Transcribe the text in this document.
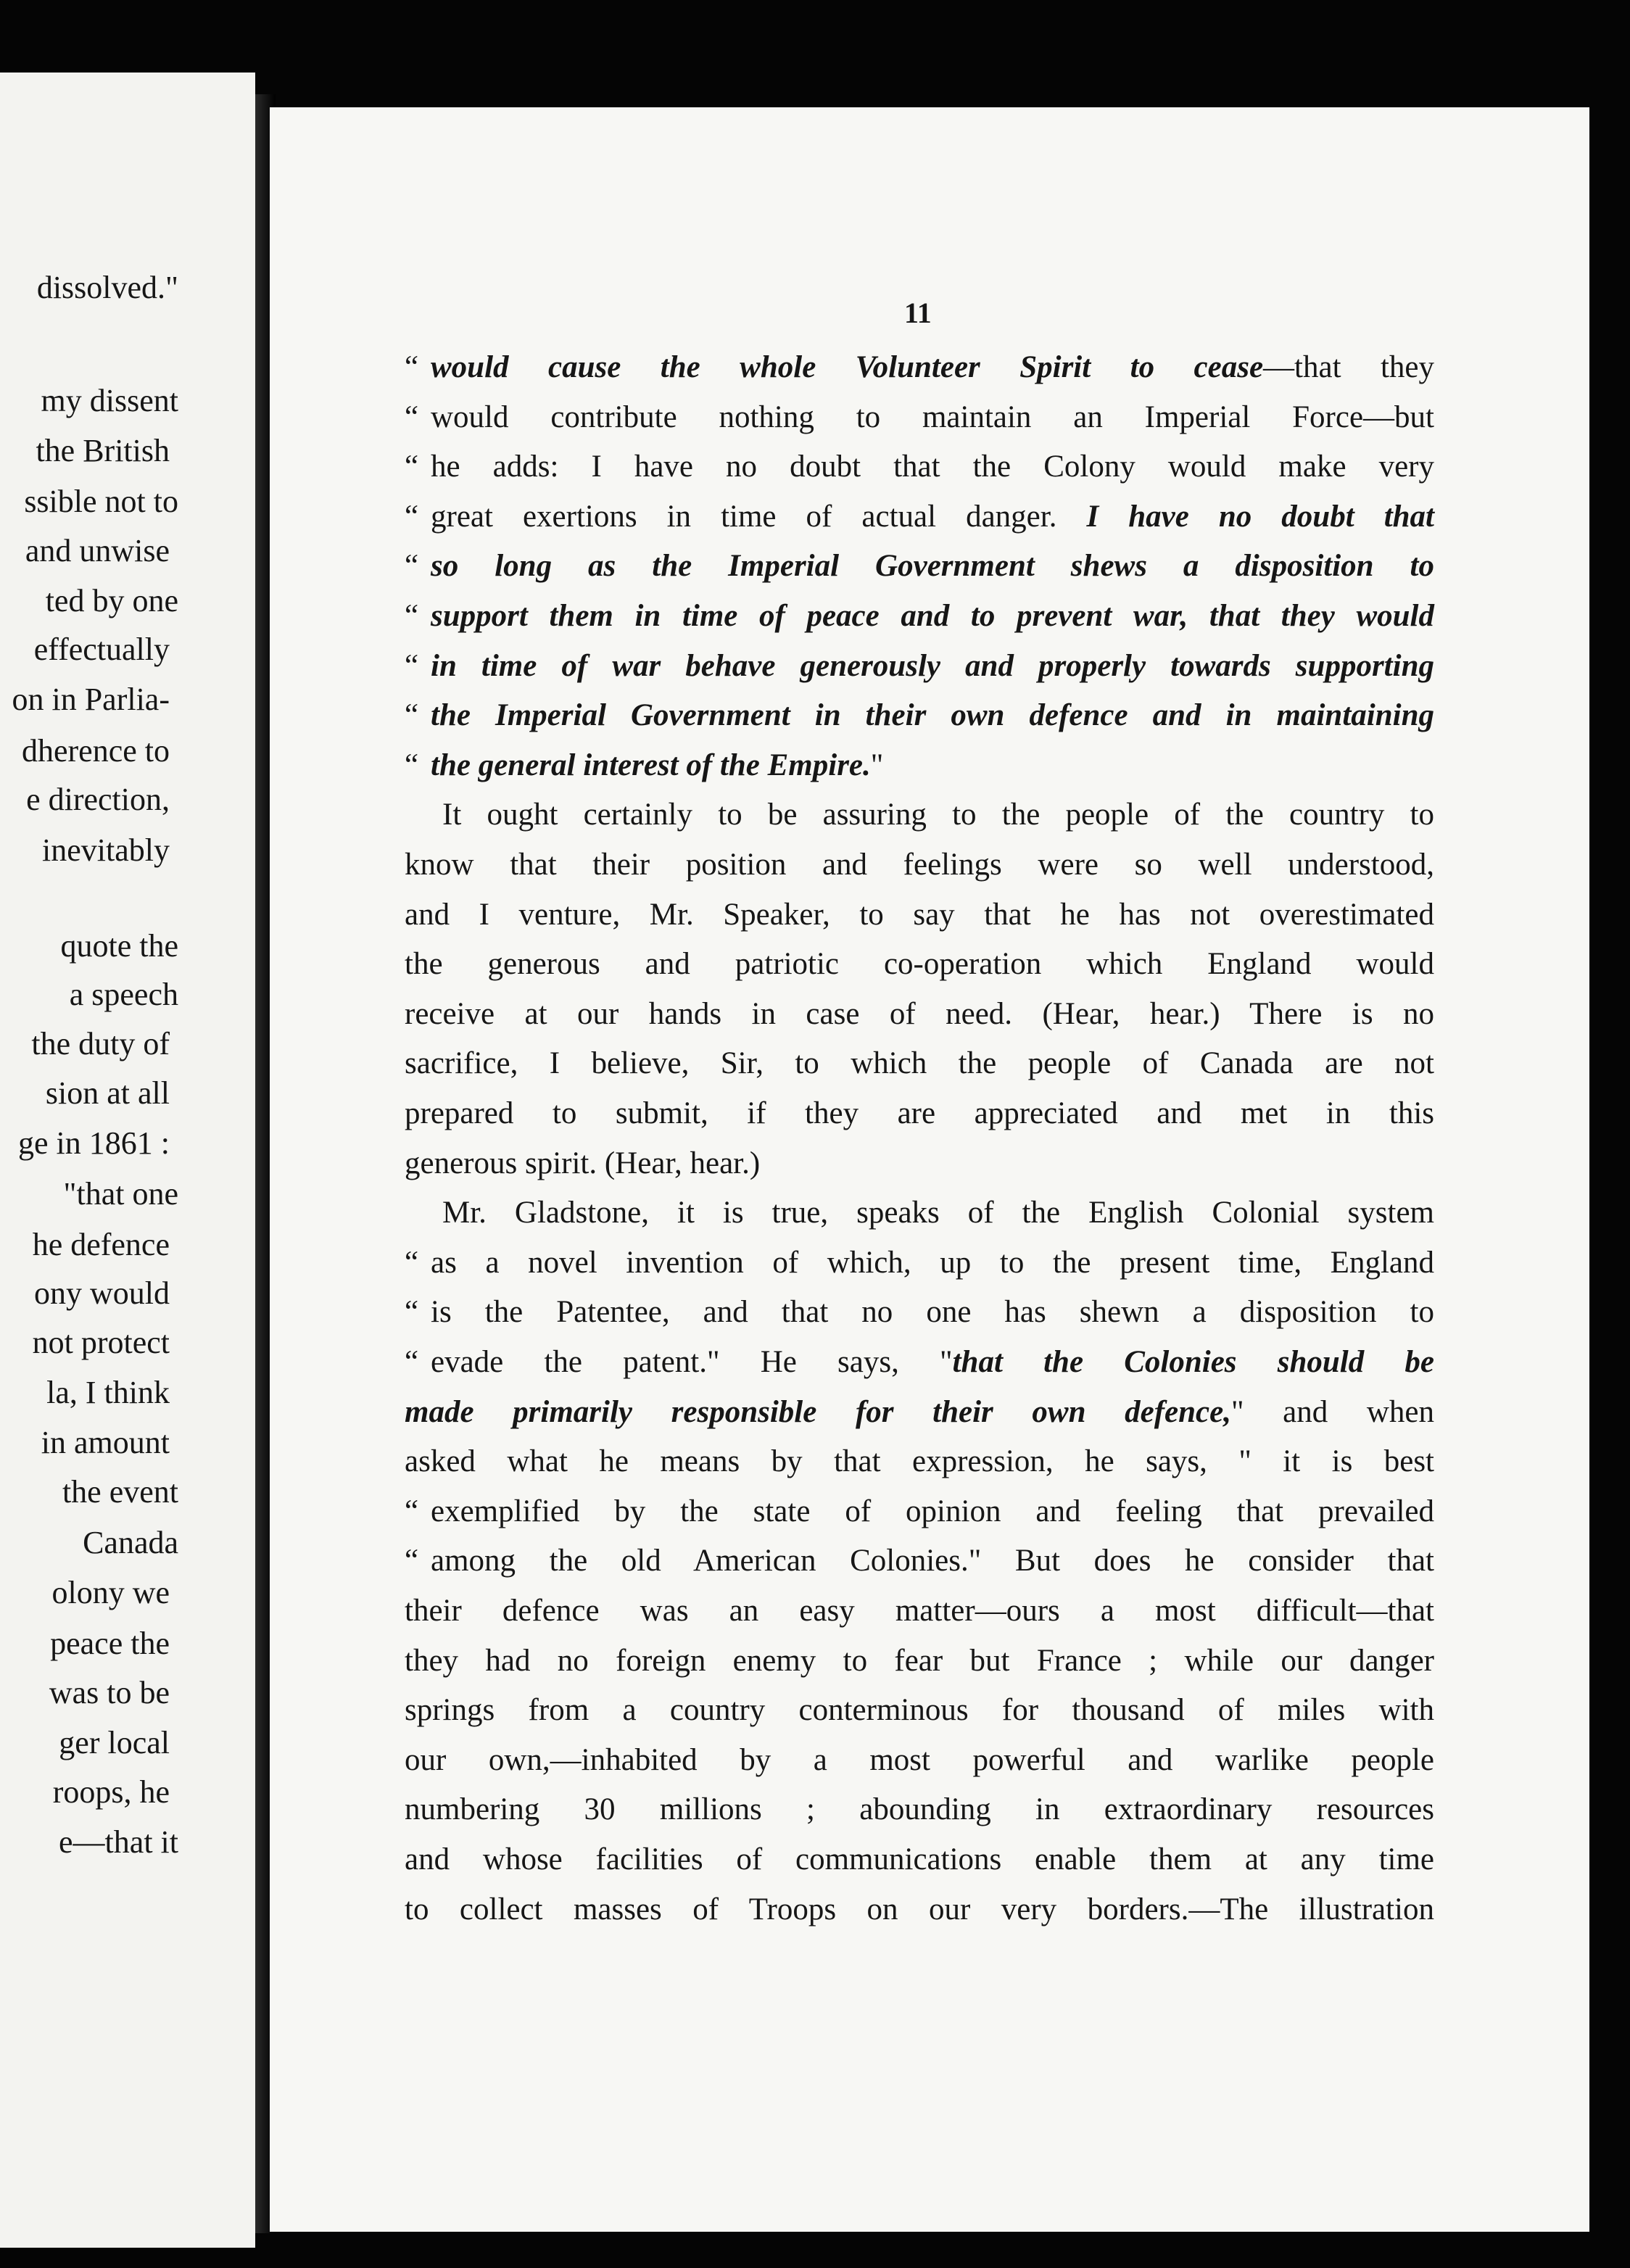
dissolved."
my dissent
the British
ssible not to
and unwise
ted by one
effectually
on in Parlia-
dherence to
e direction,
inevitably
quote the
a speech
the duty of
sion at all
ge in 1861 :
"that one
he defence
ony would
not protect
la, I think
in amount
the event
Canada
olony we
peace the
was to be
ger local
roops, he
e—that it
11
“ would cause the whole Volunteer Spirit to cease—that they
“ would contribute nothing to maintain an Imperial Force—but
“ he adds: I have no doubt that the Colony would make very
“ great exertions in time of actual danger. I have no doubt that
“ so long as the Imperial Government shews a disposition to
“ support them in time of peace and to prevent war, that they would
“ in time of war behave generously and properly towards supporting
“ the Imperial Government in their own defence and in maintaining
“ the general interest of the Empire."
It ought certainly to be assuring to the people of the country to
know that their position and feelings were so well understood,
and I venture, Mr. Speaker, to say that he has not overestimated
the generous and patriotic co-operation which England would
receive at our hands in case of need. (Hear, hear.) There is no
sacrifice, I believe, Sir, to which the people of Canada are not
prepared to submit, if they are appreciated and met in this
generous spirit. (Hear, hear.)
Mr. Gladstone, it is true, speaks of the English Colonial system
“ as a novel invention of which, up to the present time, England
“ is the Patentee, and that no one has shewn a disposition to
“ evade the patent." He says, "that the Colonies should be
made primarily responsible for their own defence," and when
asked what he means by that expression, he says, " it is best
“ exemplified by the state of opinion and feeling that prevailed
“ among the old American Colonies." But does he consider that
their defence was an easy matter—ours a most difficult—that
they had no foreign enemy to fear but France ; while our danger
springs from a country conterminous for thousand of miles with
our own,—inhabited by a most powerful and warlike people
numbering 30 millions ; abounding in extraordinary resources
and whose facilities of communications enable them at any time
to collect masses of Troops on our very borders.—The illustration
